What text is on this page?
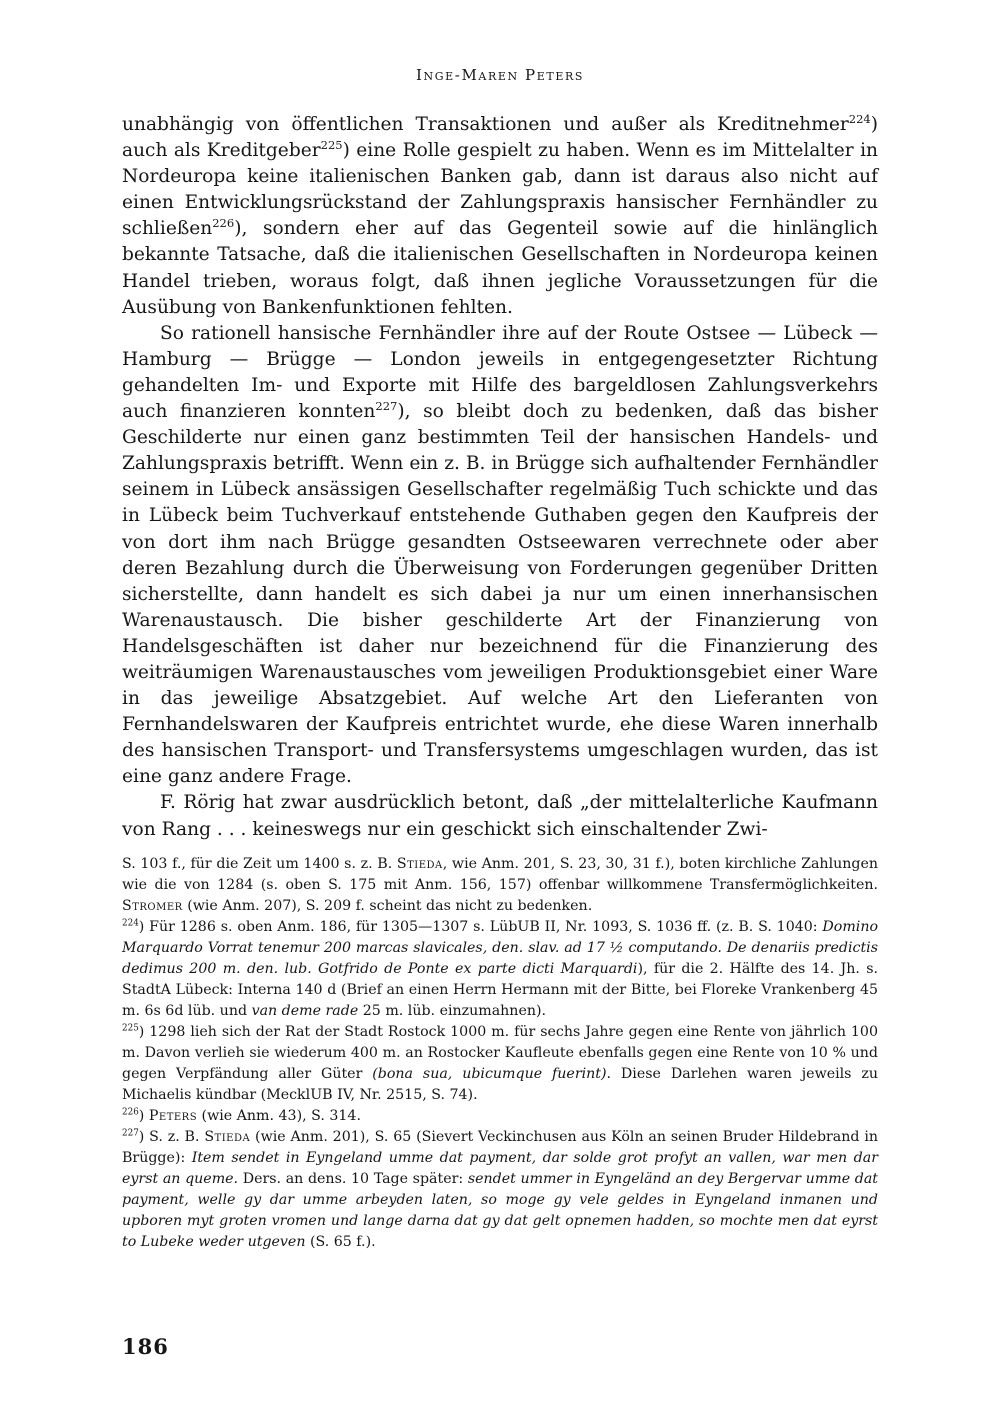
Inge-Maren Peters

unabhängig von öffentlichen Transaktionen und außer als Kreditnehmer$^{224}$) auch als Kreditgeber$^{225}$) eine Rolle gespielt zu haben. Wenn es im Mittelalter in Nordeuropa keine italienischen Banken gab, dann ist daraus also nicht auf einen Entwicklungsrückstand der Zahlungspraxis hansischer Fernhändler zu schließen$^{226}$), sondern eher auf das Gegenteil sowie auf die hinlänglich bekannte Tatsache, daß die italienischen Gesellschaften in Nordeuropa keinen Handel trieben, woraus folgt, daß ihnen jegliche Voraussetzungen für die Ausübung von Bankenfunktionen fehlten.

So rationell hansische Fernhändler ihre auf der Route Ostsee — Lübeck — Hamburg — Brügge — London jeweils in entgegengesetzter Richtung gehandelten Im- und Exporte mit Hilfe des bargeldlosen Zahlungsverkehrs auch finanzieren konnten$^{227}$), so bleibt doch zu bedenken, daß das bisher Geschilderte nur einen ganz bestimmten Teil der hansischen Handels- und Zahlungspraxis betrifft. Wenn ein z. B. in Brügge sich aufhaltender Fernhändler seinem in Lübeck ansässigen Gesellschafter regelmäßig Tuch schickte und das in Lübeck beim Tuchverkauf entstehende Guthaben gegen den Kaufpreis der von dort ihm nach Brügge gesandten Ostseewaren verrechnete oder aber deren Bezahlung durch die Überweisung von Forderungen gegenüber Dritten sicherstellte, dann handelt es sich dabei ja nur um einen innerhansischen Warenaustausch. Die bisher geschilderte Art der Finanzierung von Handelsgeschäften ist daher nur bezeichnend für die Finanzierung des weiträumigen Warenaustausches vom jeweiligen Produktionsgebiet einer Ware in das jeweilige Absatzgebiet. Auf welche Art den Lieferanten von Fernhandelswaren der Kaufpreis entrichtet wurde, ehe diese Waren innerhalb des hansischen Transport- und Transfersystems umgeschlagen wurden, das ist eine ganz andere Frage.

F. Rörig hat zwar ausdrücklich betont, daß „der mittelalterliche Kaufmann von Rang . . . keineswegs nur ein geschickt sich einschaltender Zwi-

S. 103 f., für die Zeit um 1400 s. z. B. Stieda, wie Anm. 201, S. 23, 30, 31 f.), boten kirchliche Zahlungen wie die von 1284 (s. oben S. 175 mit Anm. 156, 157) offenbar willkommene Transfermöglichkeiten. Stromer (wie Anm. 207), S. 209 f. scheint das nicht zu bedenken.

$^{224}$) Für 1286 s. oben Anm. 186, für 1305—1307 s. LübUB II, Nr. 1093, S. 1036 ff. (z. B. S. 1040: Domino Marquardo Vorrat tenemur 200 marcas slavicales, den. slav. ad 17 ½ computando. De denariis predictis dedimus 200 m. den. lub. Gotfrido de Ponte ex parte dicti Marquardi), für die 2. Hälfte des 14. Jh. s. StadtA Lübeck: Interna 140 d (Brief an einen Herrn Hermann mit der Bitte, bei Floreke Vrankenberg 45 m. 6s 6d lüb. und van deme rade 25 m. lüb. einzumahnen).

$^{225}$) 1298 lieh sich der Rat der Stadt Rostock 1000 m. für sechs Jahre gegen eine Rente von jährlich 100 m. Davon verlieh sie wiederum 400 m. an Rostocker Kaufleute ebenfalls gegen eine Rente von 10 % und gegen Verpfändung aller Güter (bona sua, ubicumque fuerint). Diese Darlehen waren jeweils zu Michaelis kündbar (MecklUB IV, Nr. 2515, S. 74).

$^{226}$) Peters (wie Anm. 43), S. 314.

$^{227}$) S. z. B. Stieda (wie Anm. 201), S. 65 (Sievert Veckinchusen aus Köln an seinen Bruder Hildebrand in Brügge): Item sendet in Eyngeland umme dat payment, dar solde grot profyt an vallen, war men dar eyrst an queme. Ders. an dens. 10 Tage später: sendet ummer in Eyngeländ an dey Bergervar umme dat payment, welle gy dar umme arbeyden laten, so moge gy vele geldes in Eyngeland inmanen und upboren myt groten vromen und lange darna dat gy dat gelt opnemen hadden, so mochte men dat eyrst to Lubeke weder utgeven (S. 65 f.).

186
